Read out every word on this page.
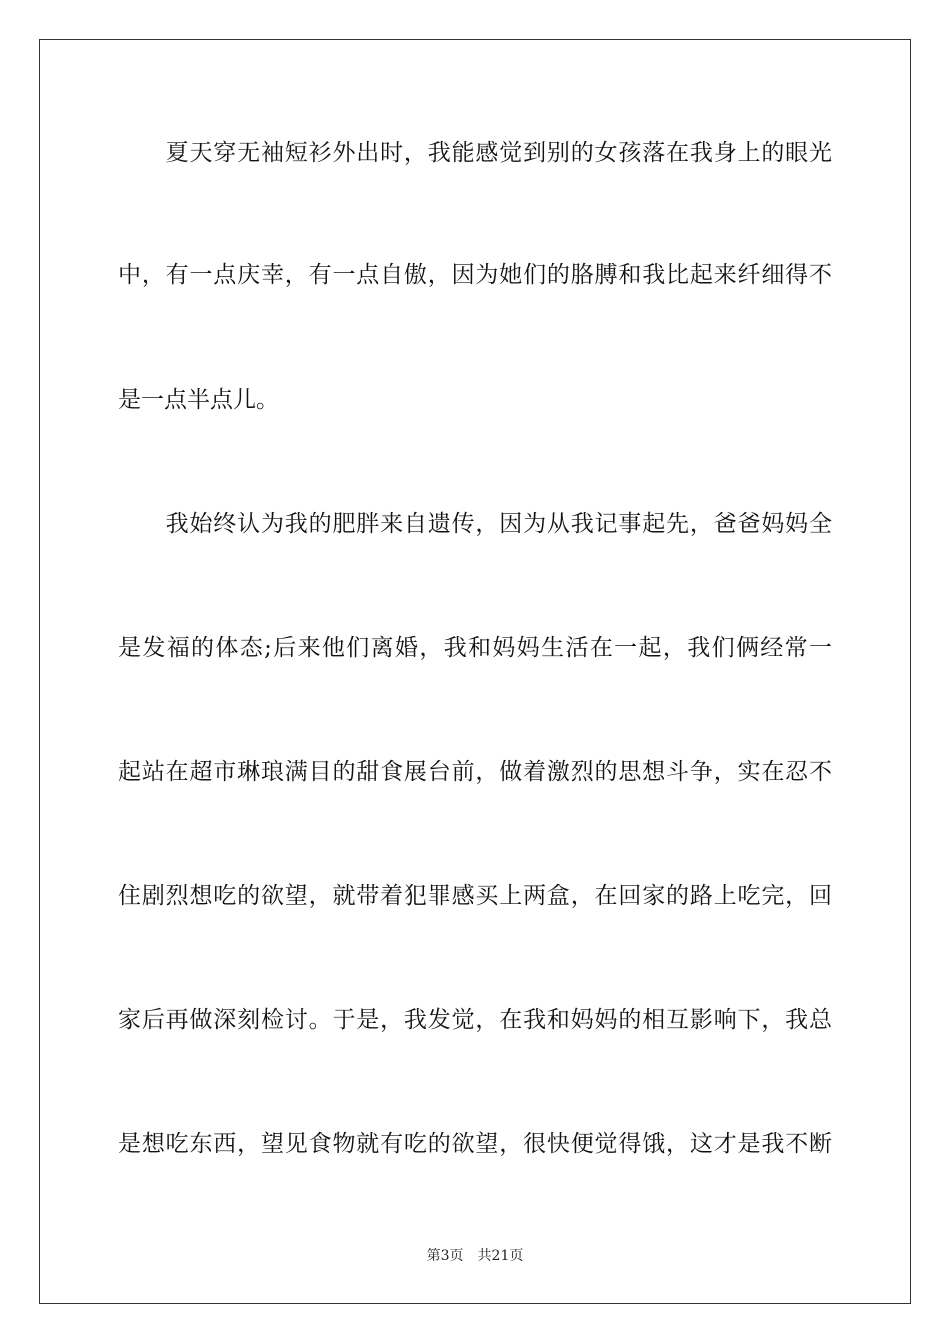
　　夏天穿无袖短衫外出时，我能感觉到别的女孩落在我身上的眼光
中，有一点庆幸，有一点自傲，因为她们的胳膊和我比起来纤细得不
是一点半点儿。
　　我始终认为我的肥胖来自遗传，因为从我记事起先，爸爸妈妈全
是发福的体态;后来他们离婚，我和妈妈生活在一起，我们俩经常一
起站在超市琳琅满目的甜食展台前，做着激烈的思想斗争，实在忍不
住剧烈想吃的欲望，就带着犯罪感买上两盒，在回家的路上吃完，回
家后再做深刻检讨。于是，我发觉，在我和妈妈的相互影响下，我总
是想吃东西，望见食物就有吃的欲望，很快便觉得饿，这才是我不断
第3页 共21页
